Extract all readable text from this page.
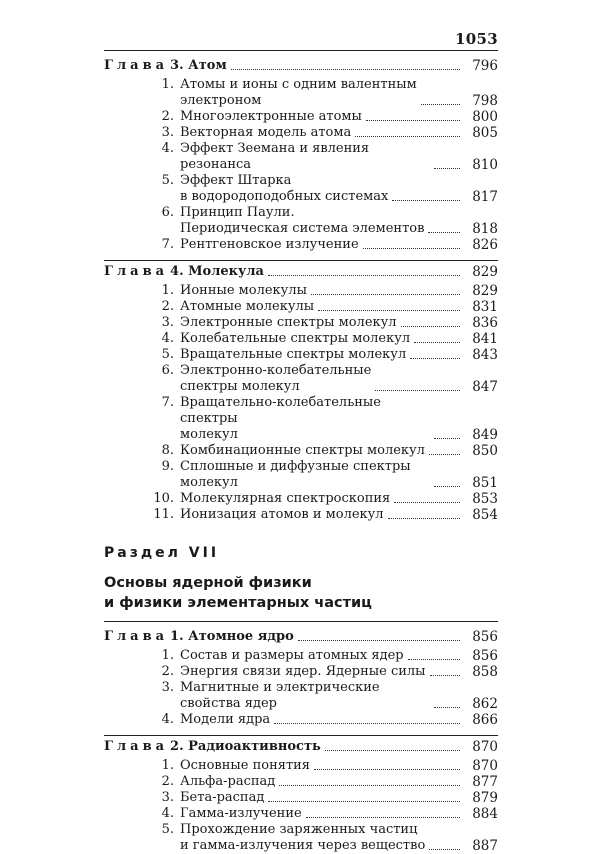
1053
Глава 3. Атом	796
1. Атомы и ионы с одним валентным

электроном	798
2. Многоэлектронные атомы	800
3. Векторная модель атома	805
4. Эффект Зеемана и явления резонанса	810
5. Эффект Штарка

в водородоподобных системах	817
6. Принцип Паули.

Периодическая система элементов	818
7. Рентгеновское излучение	826
Глава 4. Молекула	829
1. Ионные молекулы	829
2. Атомные молекулы	831
3. Электронные спектры молекул	836
4. Колебательные спектры молекул	841
5. Вращательные спектры молекул	843
6. Электронно-колебательные

спектры молекул	847
7. Вращательно-колебательные спектры

молекул	849
8. Комбинационные спектры молекул	850
9. Сплошные и диффузные спектры молекул	851
10. Молекулярная спектроскопия	853
11. Ионизация атомов и молекул	854
Раздел VII
Основы ядерной физики
и физики элементарных частиц
Глава 1. Атомное ядро	856
1. Состав и размеры атомных ядер	856
2. Энергия связи ядер. Ядерные силы	858
3. Магнитные и электрические свойства ядер	862
4. Модели ядра	866
Глава 2. Радиоактивность	870
1. Основные понятия	870
2. Альфа-распад	877
3. Бета-распад	879
4. Гамма-излучение	884
5. Прохождение заряженных частиц

и гамма-излучения через вещество	887
